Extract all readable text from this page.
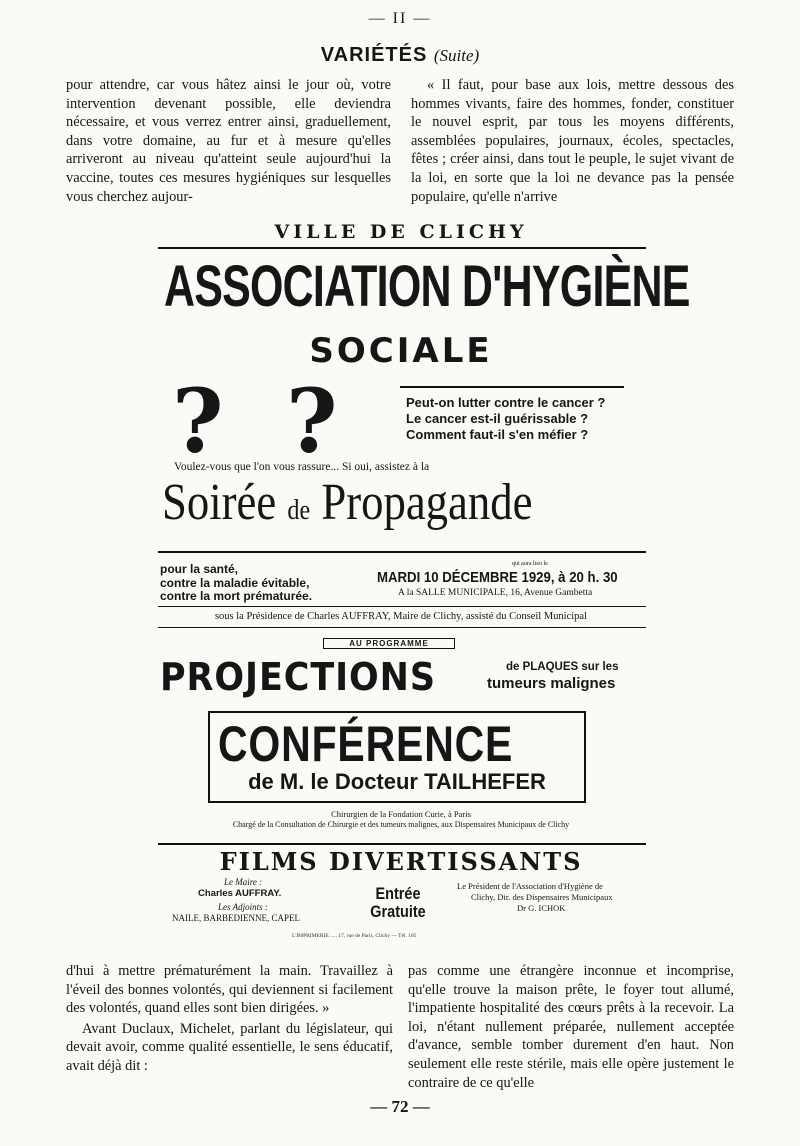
— II —
VARIÉTÉS (Suite)

pour attendre, car vous hâtez ainsi le jour où, votre intervention devenant possible, elle deviendra nécessaire, et vous verrez entrer ainsi, graduellement, dans votre domaine, au fur et à mesure qu'elles arriveront au niveau qu'atteint seule aujourd'hui la vaccine, toutes ces mesures hygiéniques sur lesquelles vous cherchez aujour-

« Il faut, pour base aux lois, mettre dessous des hommes vivants, faire des hommes, fonder, constituer le nouvel esprit, par tous les moyens différents, assemblées populaires, journaux, écoles, spectacles, fêtes ; créer ainsi, dans tout le peuple, le sujet vivant de la loi, en sorte que la loi ne devance pas la pensée populaire, qu'elle n'arrive

VILLE DE CLICHY
ASSOCIATION D'HYGIÈNE
SOCIALE
? ?	Peut-on lutter contre le cancer ?
Le cancer est-il guérissable ?
Comment faut-il s'en méfier ?
Voulez-vous que l'on vous rassure... Si oui, assistez à la
Soirée de Propagande
pour la santé,
contre la maladie évitable,
contre la mort prématurée.
qui aura lieu le
MARDI 10 DÉCEMBRE 1929, à 20 h. 30
A la SALLE MUNICIPALE, 16, Avenue Gambetta
sous la Présidence de Charles AUFFRAY, Maire de Clichy, assisté du Conseil Municipal
AU PROGRAMME
PROJECTIONS	de PLAQUES sur les
tumeurs malignes
CONFÉRENCE
de M. le Docteur TAILHEFER
Chirurgien de la Fondation Curie, à Paris
Chargé de la Consultation de Chirurgie et des tumeurs malignes, aux Dispensaires Municipaux de Clichy
FILMS DIVERTISSANTS
Le Maire :
Charles AUFFRAY.
Les Adjoints :
NAILE, BARBEDIENNE, CAPEL
Entrée
Gratuite
Le Président de l'Association d'Hygiène de
Clichy, Dir. des Dispensaires Municipaux
Dr G. ICHOK
L'IMPRIMERIE ..... 17, rue de Paris, Clichy — Tél. 185

d'hui à mettre prématurément la main. Travaillez à l'éveil des bonnes volontés, qui deviennent si facilement des volontés, quand elles sont bien dirigées. »

Avant Duclaux, Michelet, parlant du législateur, qui devait avoir, comme qualité essentielle, le sens éducatif, avait déjà dit :

pas comme une étrangère inconnue et incomprise, qu'elle trouve la maison prête, le foyer tout allumé, l'impatiente hospitalité des cœurs prêts à la recevoir. La loi, n'étant nullement préparée, nullement acceptée d'avance, semble tomber durement d'en haut. Non seulement elle reste stérile, mais elle opère justement le contraire de ce qu'elle

— 72 —
